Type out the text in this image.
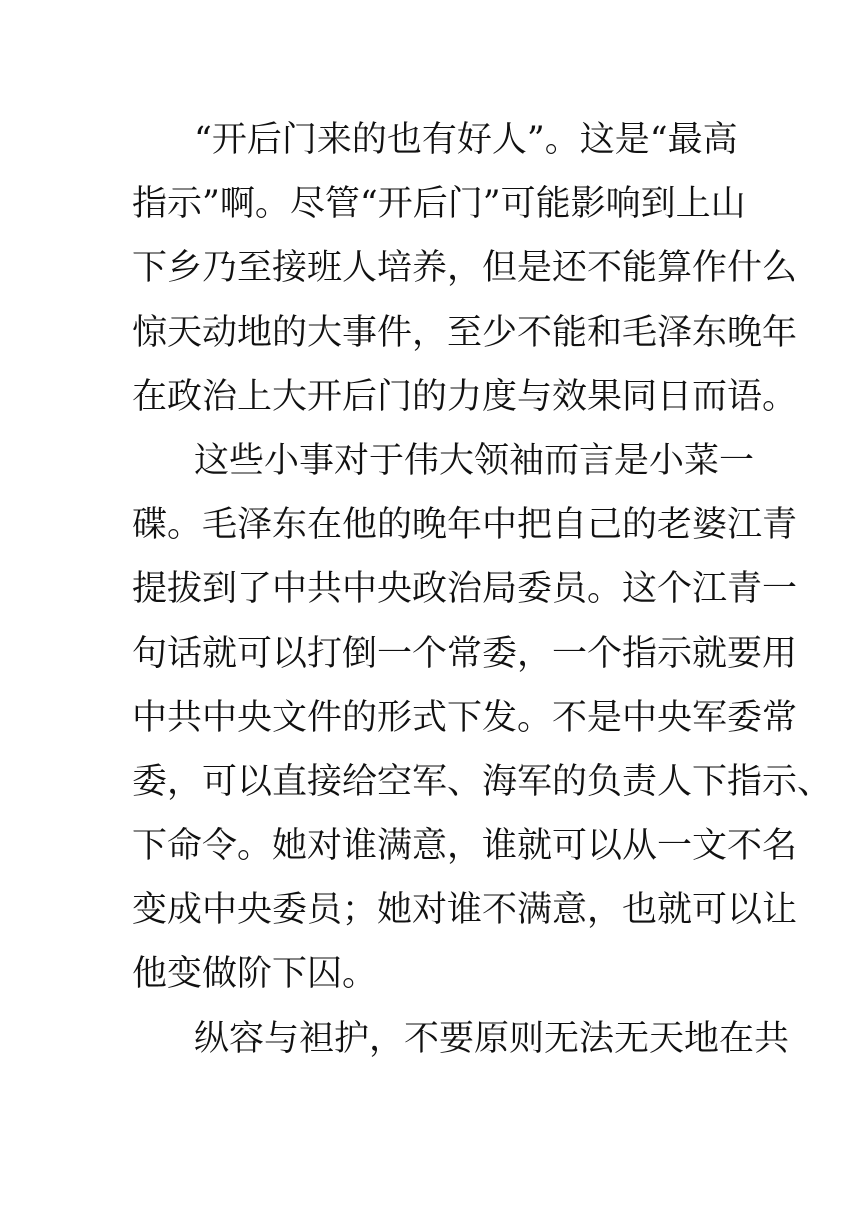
“开后门来的也有好人”。这是“最高
指示”啊。尽管“开后门”可能影响到上山
下乡乃至接班人培养，但是还不能算作什么
惊天动地的大事件，至少不能和毛泽东晚年
在政治上大开后门的力度与效果同日而语。
这些小事对于伟大领袖而言是小菜一
碟。毛泽东在他的晚年中把自己的老婆江青
提拔到了中共中央政治局委员。这个江青一
句话就可以打倒一个常委，一个指示就要用
中共中央文件的形式下发。不是中央军委常
委，可以直接给空军、海军的负责人下指示、
下命令。她对谁满意，谁就可以从一文不名
变成中央委员；她对谁不满意，也就可以让
他变做阶下囚。
纵容与袒护，不要原则无法无天地在共
